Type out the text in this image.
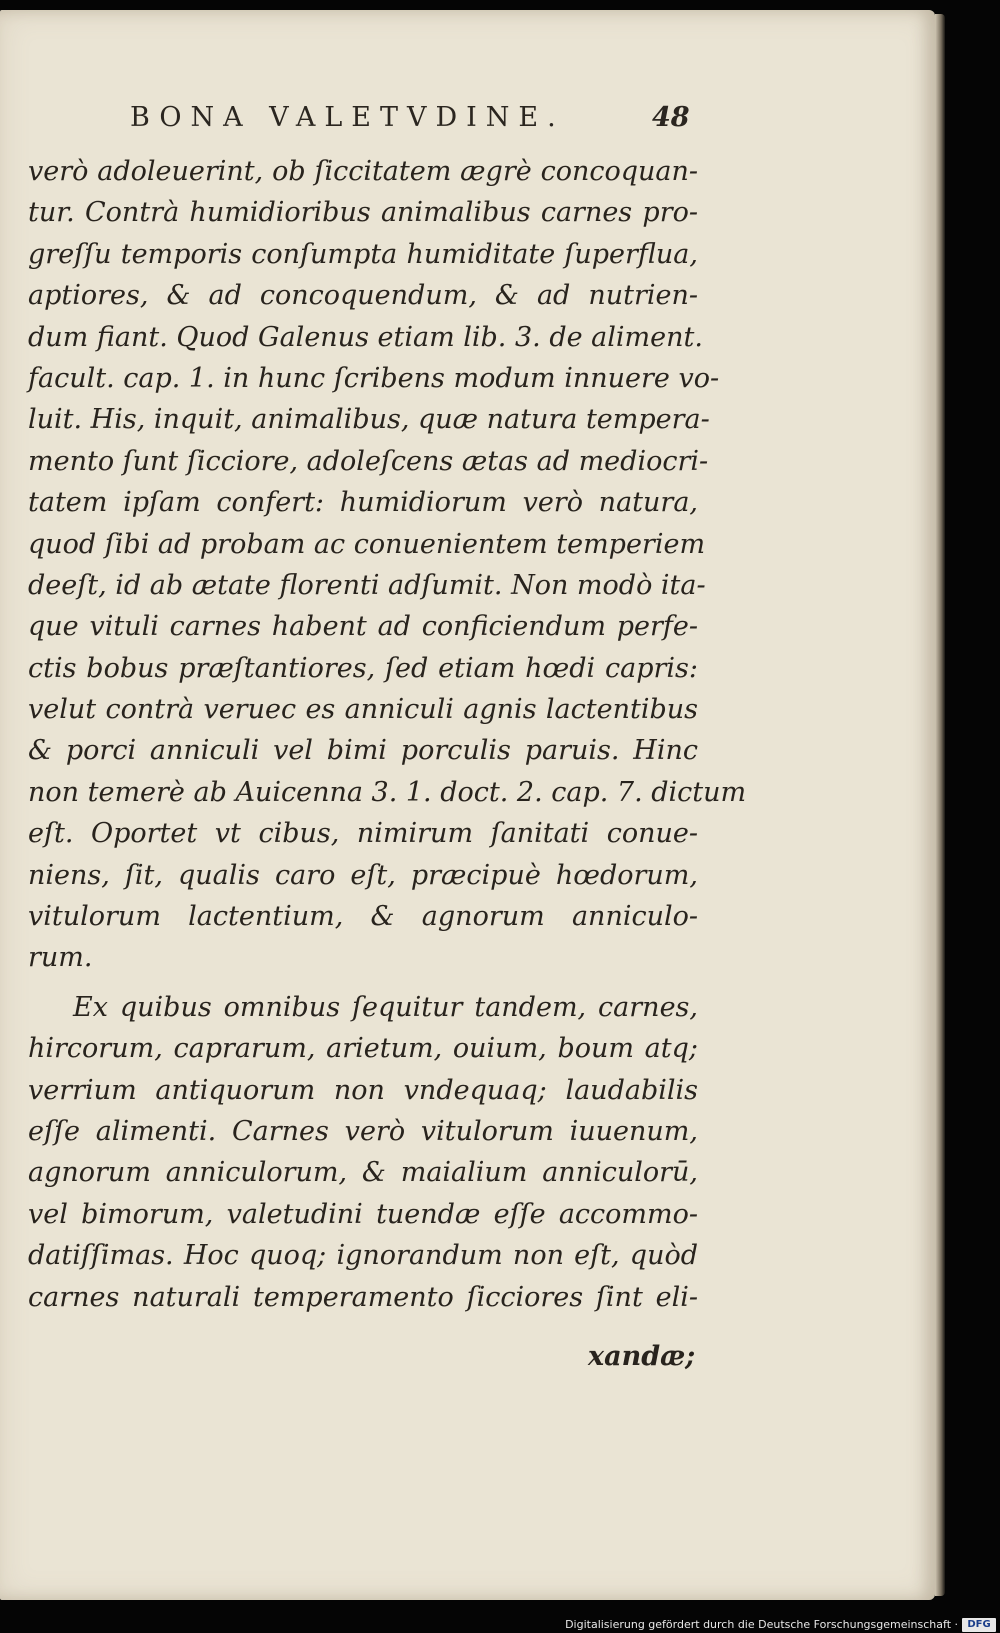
BONA VALETVDINE.	48
verò adoleuerint, ob ſiccitatem ægrè concoquan-
tur. Contrà humidioribus animalibus carnes pro-
greſſu temporis conſumpta humiditate ſuperflua,
aptiores, & ad concoquendum, & ad nutrien-
dum fiant. Quod Galenus etiam lib. 3. de aliment.
facult. cap. 1. in hunc ſcribens modum innuere vo-
luit. His, inquit, animalibus, quæ natura tempera-
mento ſunt ſicciore, adoleſcens ætas ad mediocri-
tatem ipſam confert: humidiorum verò natura,
quod ſibi ad probam ac conuenientem temperiem
deeſt, id ab ætate florenti adſumit. Non modò ita-
que vituli carnes habent ad conficiendum perfe-
ctis bobus præſtantiores, ſed etiam hœdi capris:
velut contrà veruec es anniculi agnis lactentibus
& porci anniculi vel bimi porculis paruis. Hinc
non temerè ab Auicenna 3. 1. doct. 2. cap. 7. dictum
eſt. Oportet vt cibus, nimirum ſanitati conue-
niens, ſit, qualis caro eſt, præcipuè hœdorum,
vitulorum lactentium, & agnorum anniculo-
rum.
Ex quibus omnibus ſequitur tandem, carnes,
hircorum, caprarum, arietum, ouium, boum atq;
verrium antiquorum non vndequaq; laudabilis
eſſe alimenti. Carnes verò vitulorum iuuenum,
agnorum anniculorum, & maialium anniculorū,
vel bimorum, valetudini tuendæ eſſe accommo-
datiſſimas. Hoc quoq; ignorandum non eſt, quòd
carnes naturali temperamento ſicciores ſint eli-
xandæ;
Digitalisierung gefördert durch die Deutsche Forschungsgemeinschaft · DFG
